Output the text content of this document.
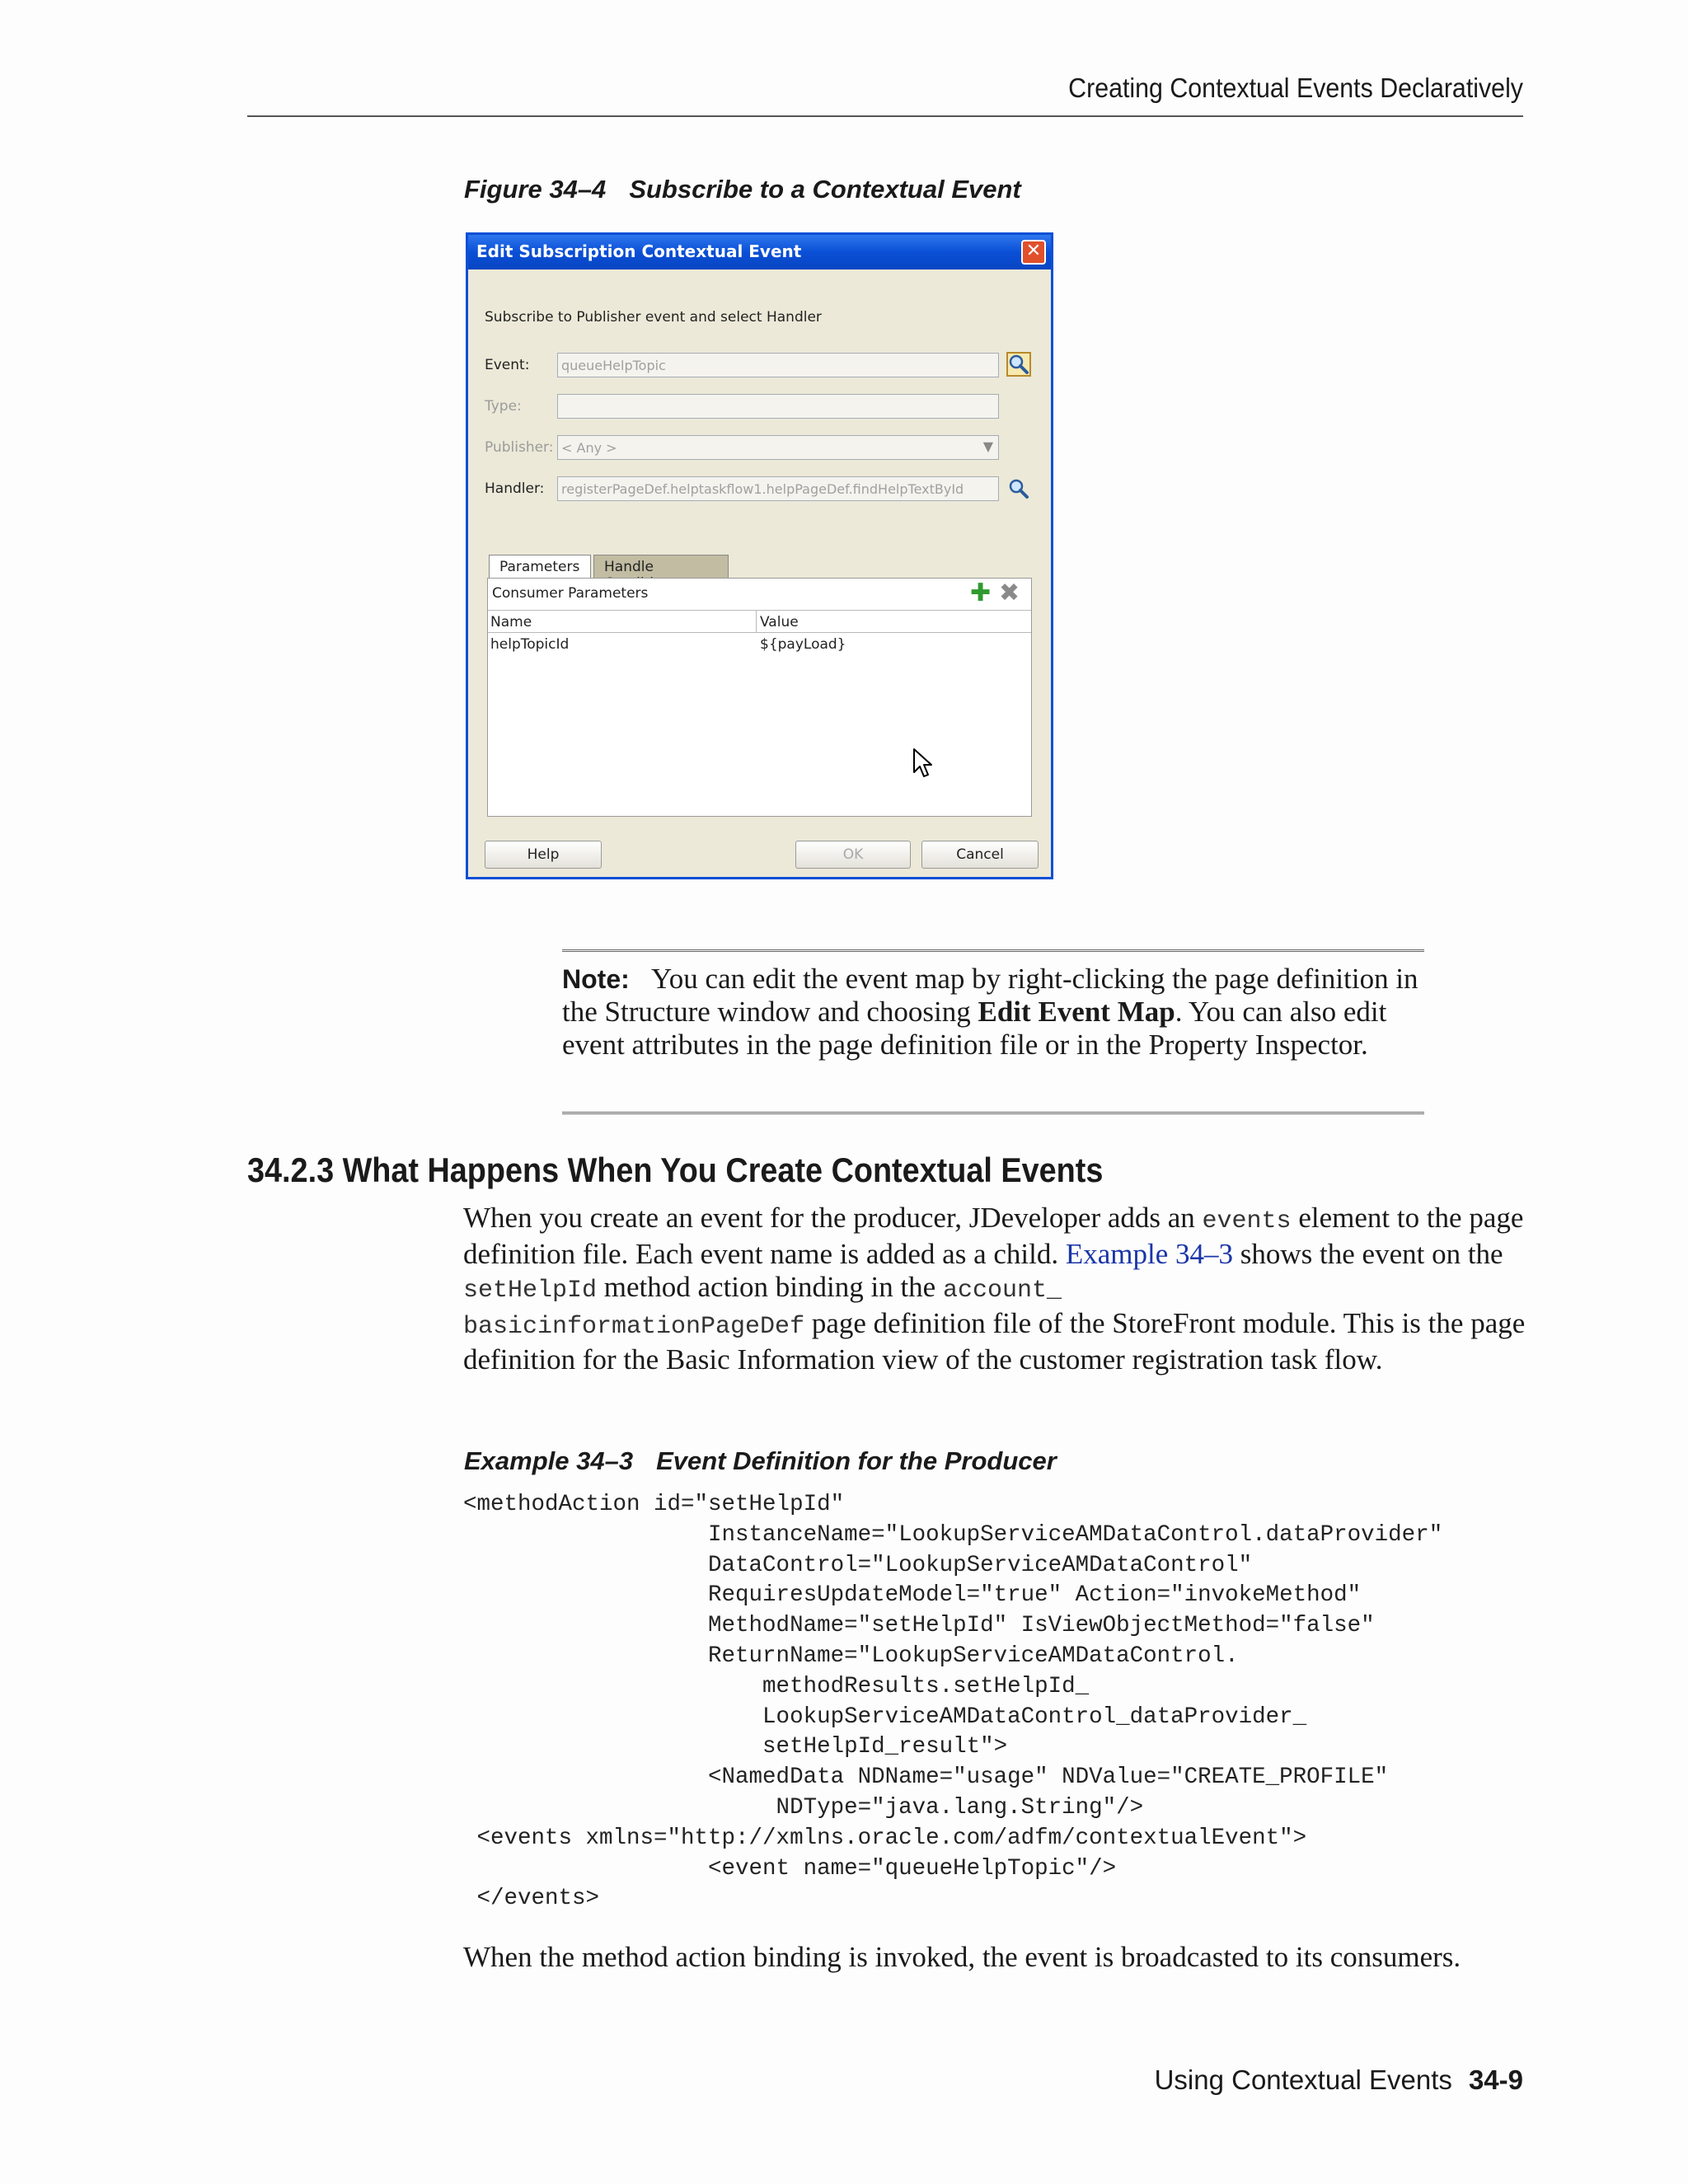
Creating Contextual Events Declaratively
Figure 34–4 Subscribe to a Contextual Event
Edit Subscription Contextual Event	✕
Subscribe to Publisher event and select Handler
Event:	queueHelpTopic
Type:
Publisher: < Any >	▼
Handler:	registerPageDef.helptaskflow1.helpPageDef.findHelpTextById
Parameters	Handle
Consumer Parameters	✚ ✖
Name	Value
helpTopicId	${payLoad}
Help	OK	Cancel
Note: You can edit the event map by right-clicking the page definition in the Structure window and choosing Edit Event Map. You can also edit event attributes in the page definition file or in the Property Inspector.
34.2.3 What Happens When You Create Contextual Events
When you create an event for the producer, JDeveloper adds an events element to the page definition file. Each event name is added as a child. Example 34–3 shows the event on the setHelpId method action binding in the account_
basicinformationPageDef page definition file of the StoreFront module. This is the page definition for the Basic Information view of the customer registration task flow.
Example 34–3 Event Definition for the Producer
<methodAction id="setHelpId"
InstanceName="LookupServiceAMDataControl.dataProvider"
DataControl="LookupServiceAMDataControl"
RequiresUpdateModel="true" Action="invokeMethod"
MethodName="setHelpId" IsViewObjectMethod="false"
ReturnName="LookupServiceAMDataControl.
methodResults.setHelpId_
LookupServiceAMDataControl_dataProvider_
setHelpId_result">
<NamedData NDName="usage" NDValue="CREATE_PROFILE"
NDType="java.lang.String"/>
<events xmlns="http://xmlns.oracle.com/adfm/contextualEvent">
<event name="queueHelpTopic"/>
</events>
When the method action binding is invoked, the event is broadcasted to its consumers.
Using Contextual Events 34-9
